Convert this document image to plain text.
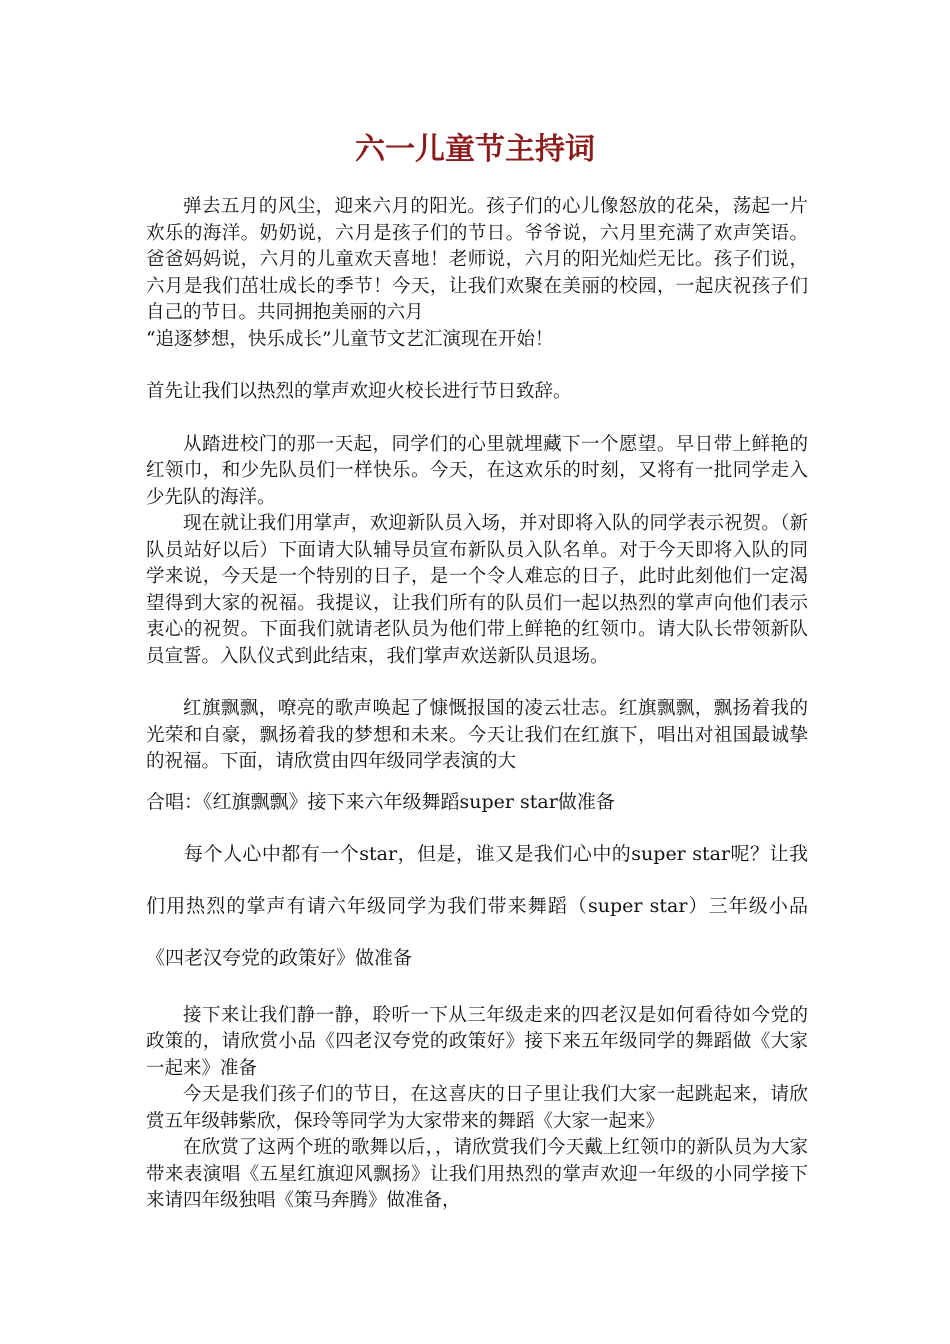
六一儿童节主持词

弹去五月的风尘，迎来六月的阳光。孩子们的心儿像怒放的花朵，荡起一片欢乐的海洋。奶奶说，六月是孩子们的节日。爷爷说，六月里充满了欢声笑语。爸爸妈妈说，六月的儿童欢天喜地！老师说，六月的阳光灿烂无比。孩子们说，六月是我们茁壮成长的季节！今天，让我们欢聚在美丽的校园，一起庆祝孩子们自己的节日。共同拥抱美丽的六月

“追逐梦想，快乐成长”儿童节文艺汇演现在开始！

首先让我们以热烈的掌声欢迎火校长进行节日致辞。

从踏进校门的那一天起，同学们的心里就埋藏下一个愿望。早日带上鲜艳的红领巾，和少先队员们一样快乐。今天，在这欢乐的时刻，又将有一批同学走入少先队的海洋。

现在就让我们用掌声，欢迎新队员入场，并对即将入队的同学表示祝贺。（新队员站好以后）下面请大队辅导员宣布新队员入队名单。对于今天即将入队的同学来说，今天是一个特别的日子，是一个令人难忘的日子，此时此刻他们一定渴望得到大家的祝福。我提议，让我们所有的队员们一起以热烈的掌声向他们表示衷心的祝贺。下面我们就请老队员为他们带上鲜艳的红领巾。请大队长带领新队员宣誓。入队仪式到此结束，我们掌声欢送新队员退场。

红旗飘飘，嘹亮的歌声唤起了慷慨报国的凌云壮志。红旗飘飘，飘扬着我的光荣和自豪，飘扬着我的梦想和未来。今天让我们在红旗下，唱出对祖国最诚挚的祝福。下面，请欣赏由四年级同学表演的大

合唱：《红旗飘飘》接下来六年级舞蹈super star做准备

每个人心中都有一个star，但是，谁又是我们心中的super star呢？让我们用热烈的掌声有请六年级同学为我们带来舞蹈（super star）三年级小品《四老汉夸党的政策好》做准备

接下来让我们静一静，聆听一下从三年级走来的四老汉是如何看待如今党的政策的，请欣赏小品《四老汉夸党的政策好》接下来五年级同学的舞蹈做《大家一起来》准备

今天是我们孩子们的节日，在这喜庆的日子里让我们大家一起跳起来，请欣赏五年级韩紫欣，保玲等同学为大家带来的舞蹈《大家一起来》

在欣赏了这两个班的歌舞以后，，请欣赏我们今天戴上红领巾的新队员为大家带来表演唱《五星红旗迎风飘扬》让我们用热烈的掌声欢迎一年级的小同学接下来请四年级独唱《策马奔腾》做准备，
